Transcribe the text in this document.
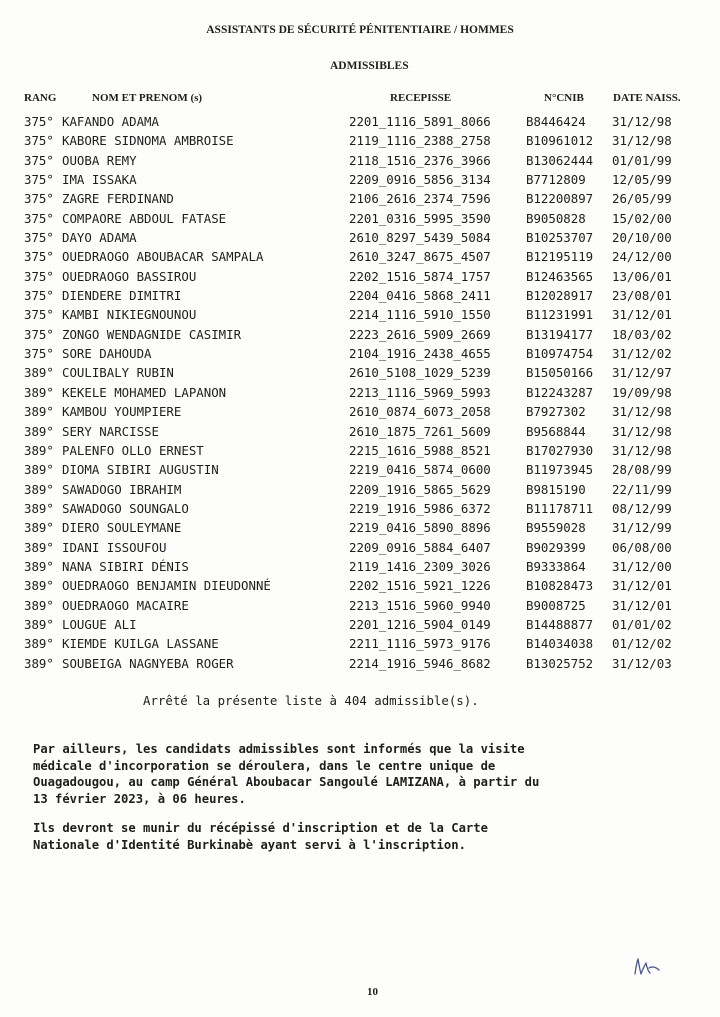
ASSISTANTS DE SÉCURITÉ PÉNITENTIAIRE / HOMMES
ADMISSIBLES
RANG	NOM ET PRENOM (s)	RECEPISSE	N°CNIB	DATE NAISS.
375° KAFANDO ADAMA	2201_1116_5891_8066	B8446424 31/12/98
375° KABORE SIDNOMA AMBROISE	2119_1116_2388_2758	B10961012 31/12/98
375° OUOBA REMY	2118_1516_2376_3966	B13062444 01/01/99
375° IMA ISSAKA	2209_0916_5856_3134	B7712809 12/05/99
375° ZAGRE FERDINAND	2106_2616_2374_7596	B12200897 26/05/99
375° COMPAORE ABDOUL FATASE	2201_0316_5995_3590	B9050828 15/02/00
375° DAYO ADAMA	2610_8297_5439_5084	B10253707 20/10/00
375° OUEDRAOGO ABOUBACAR SAMPALA	2610_3247_8675_4507	B12195119 24/12/00
375° OUEDRAOGO BASSIROU	2202_1516_5874_1757	B12463565 13/06/01
375° DIENDERE DIMITRI	2204_0416_5868_2411	B12028917 23/08/01
375° KAMBI NIKIEGNOUNOU	2214_1116_5910_1550	B11231991 31/12/01
375° ZONGO WENDAGNIDE CASIMIR	2223_2616_5909_2669	B13194177 18/03/02
375° SORE DAHOUDA	2104_1916_2438_4655	B10974754 31/12/02
389° COULIBALY RUBIN	2610_5108_1029_5239	B15050166 31/12/97
389° KEKELE MOHAMED LAPANON	2213_1116_5969_5993	B12243287 19/09/98
389° KAMBOU YOUMPIERE	2610_0874_6073_2058	B7927302 31/12/98
389° SERY NARCISSE	2610_1875_7261_5609	B9568844 31/12/98
389° PALENFO OLLO ERNEST	2215_1616_5988_8521	B17027930 31/12/98
389° DIOMA SIBIRI AUGUSTIN	2219_0416_5874_0600	B11973945 28/08/99
389° SAWADOGO IBRAHIM	2209_1916_5865_5629	B9815190 22/11/99
389° SAWADOGO SOUNGALO	2219_1916_5986_6372	B11178711 08/12/99
389° DIERO SOULEYMANE	2219_0416_5890_8896	B9559028 31/12/99
389° IDANI ISSOUFOU	2209_0916_5884_6407	B9029399 06/08/00
389° NANA SIBIRI DÉNIS	2119_1416_2309_3026	B9333864 31/12/00
389° OUEDRAOGO BENJAMIN DIEUDONNÉ	2202_1516_5921_1226	B10828473 31/12/01
389° OUEDRAOGO MACAIRE	2213_1516_5960_9940	B9008725 31/12/01
389° LOUGUE ALI	2201_1216_5904_0149	B14488877 01/01/02
389° KIEMDE KUILGA LASSANE	2211_1116_5973_9176	B14034038 01/12/02
389° SOUBEIGA NAGNYEBA ROGER	2214_1916_5946_8682	B13025752 31/12/03
Arrêté la présente liste à 404 admissible(s).
Par ailleurs, les candidats admissibles sont informés que la visite
médicale d'incorporation se déroulera, dans le centre unique de
Ouagadougou, au camp Général Aboubacar Sangoulé LAMIZANA, à partir du
13 février 2023, à 06 heures.
Ils devront se munir du récépissé d'inscription et de la Carte
Nationale d'Identité Burkinabè ayant servi à l'inscription.
10
